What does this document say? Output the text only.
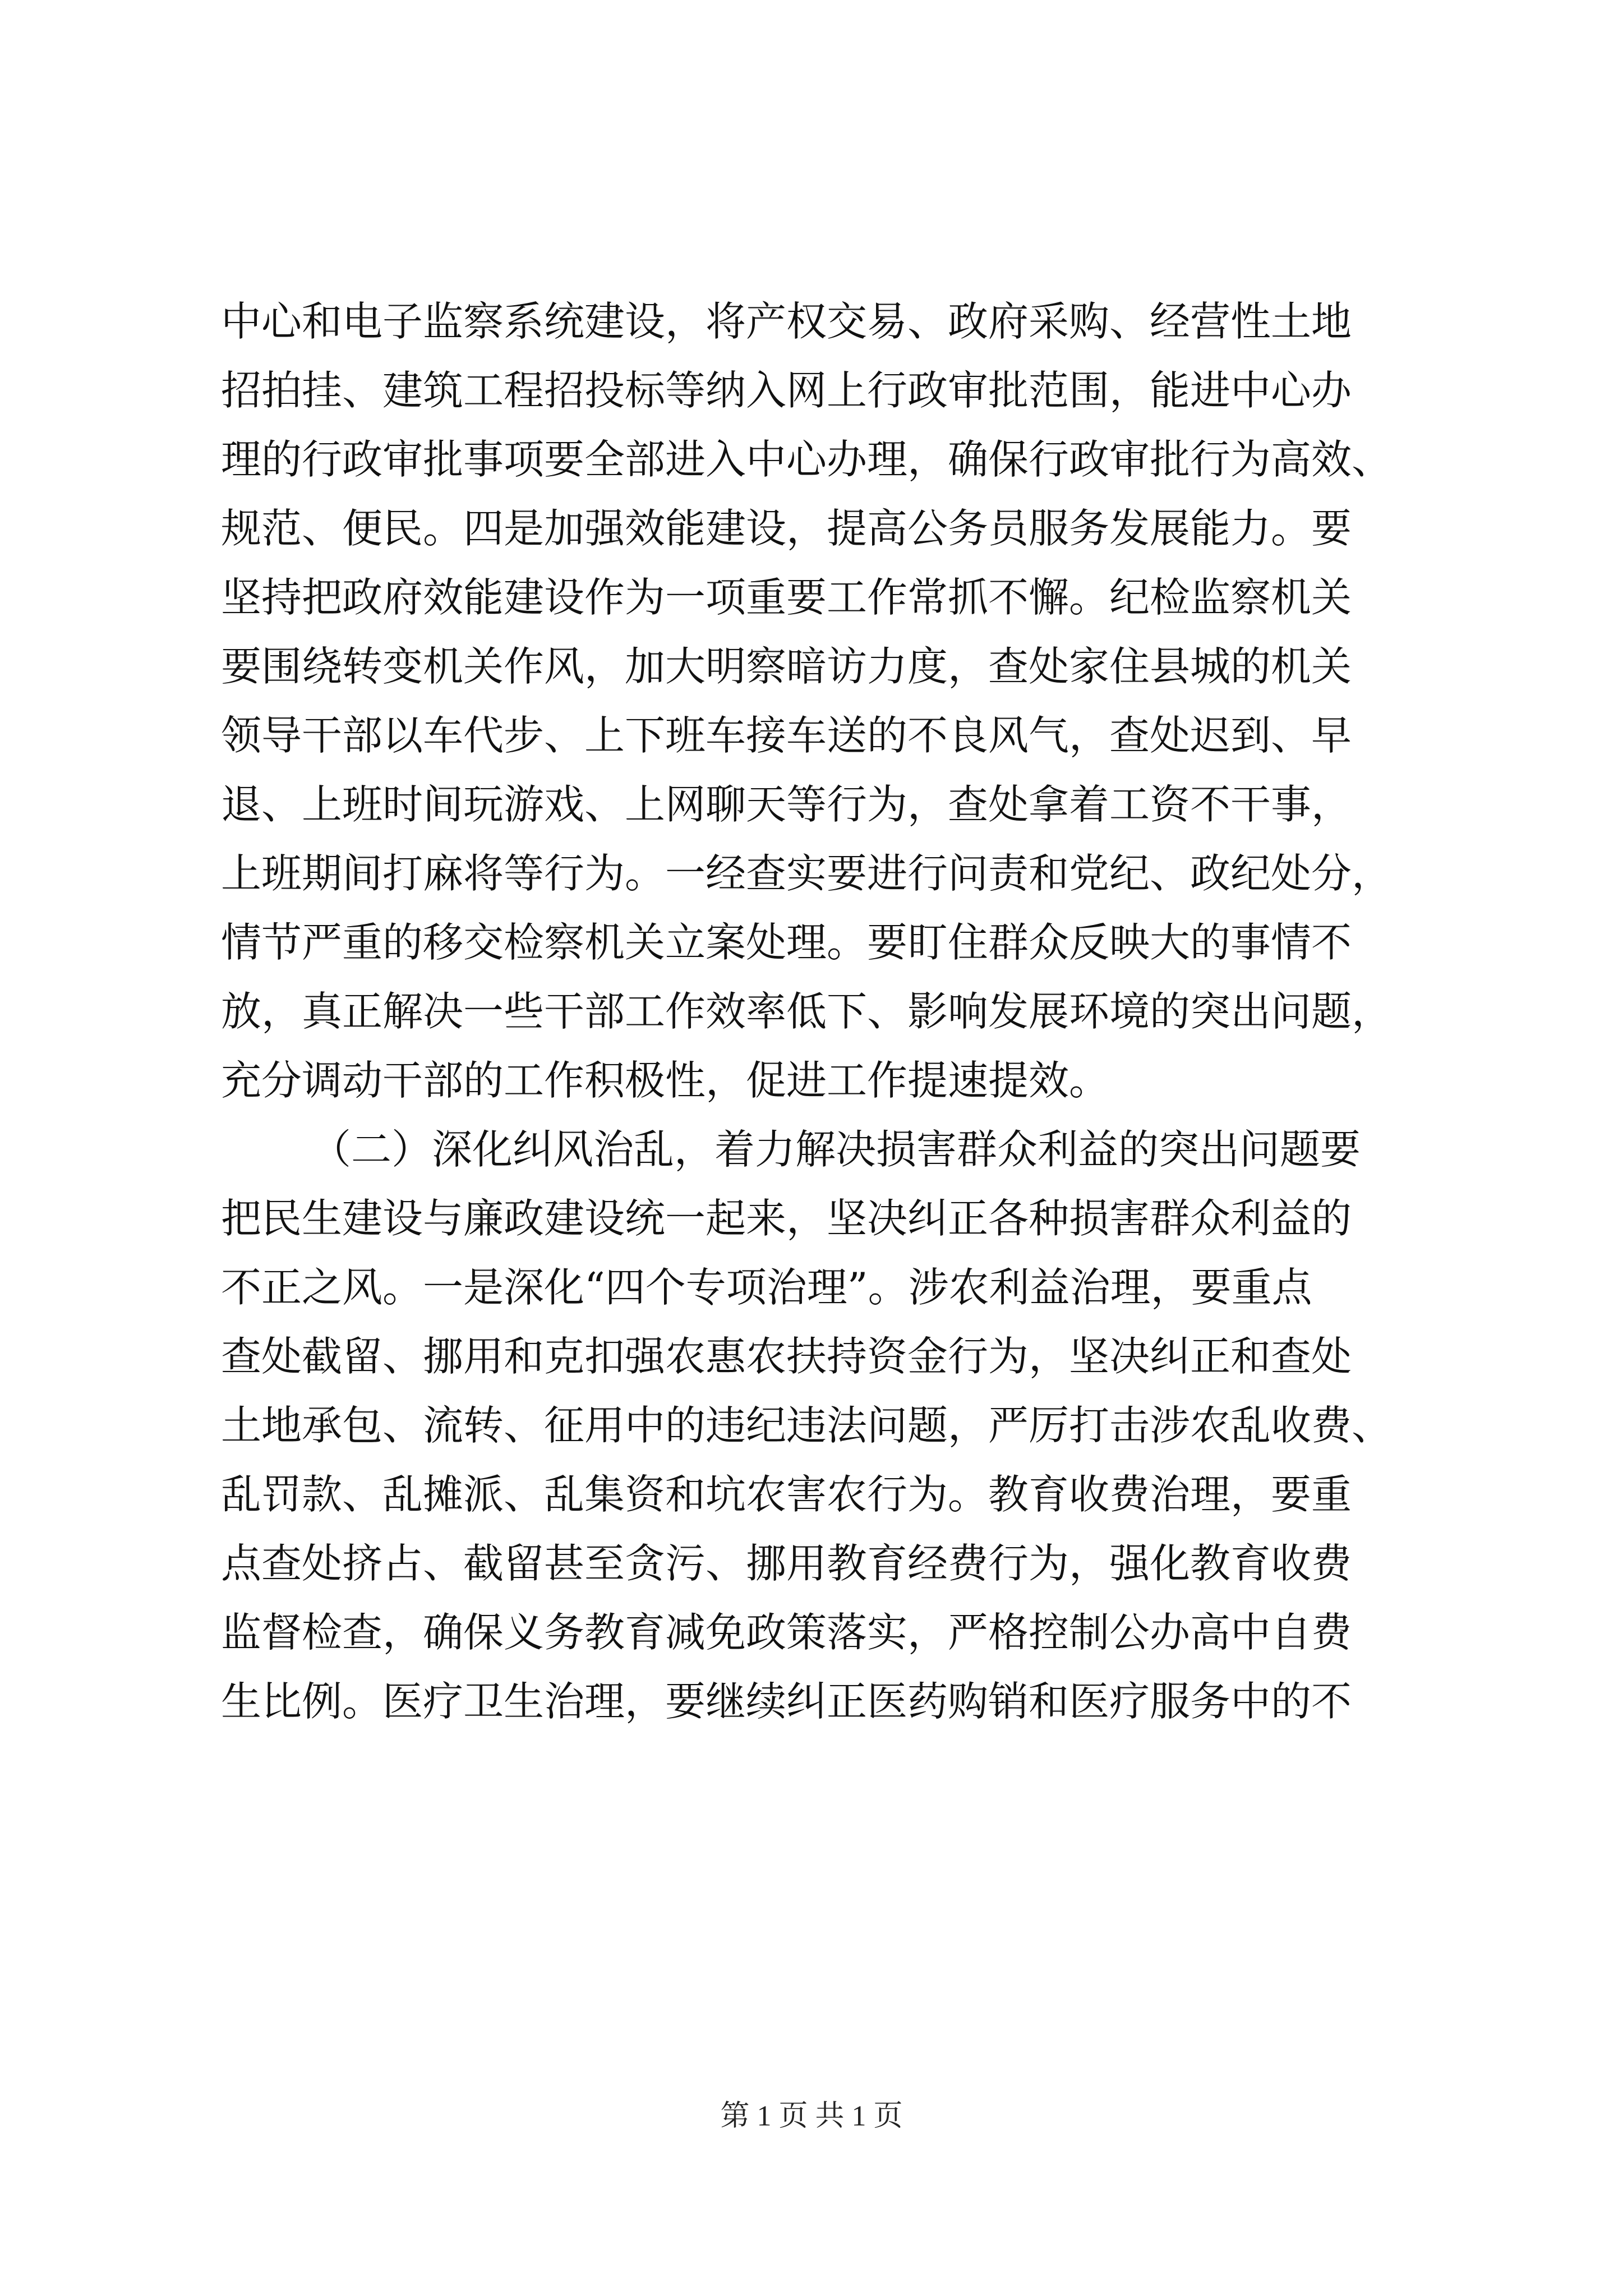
中心和电子监察系统建设，将产权交易、政府采购、经营性土地
招拍挂、建筑工程招投标等纳入网上行政审批范围，能进中心办
理的行政审批事项要全部进入中心办理，确保行政审批行为高效、
规范、便民。四是加强效能建设，提高公务员服务发展能力。要
坚持把政府效能建设作为一项重要工作常抓不懈。纪检监察机关
要围绕转变机关作风，加大明察暗访力度，查处家住县城的机关
领导干部以车代步、上下班车接车送的不良风气，查处迟到、早
退、上班时间玩游戏、上网聊天等行为，查处拿着工资不干事，
上班期间打麻将等行为。一经查实要进行问责和党纪、政纪处分，
情节严重的移交检察机关立案处理。要盯住群众反映大的事情不
放，真正解决一些干部工作效率低下、影响发展环境的突出问题，
充分调动干部的工作积极性，促进工作提速提效。
（二）深化纠风治乱，着力解决损害群众利益的突出问题要
把民生建设与廉政建设统一起来，坚决纠正各种损害群众利益的
不正之风。一是深化“四个专项治理”。涉农利益治理，要重点
查处截留、挪用和克扣强农惠农扶持资金行为，坚决纠正和查处
土地承包、流转、征用中的违纪违法问题，严厉打击涉农乱收费、
乱罚款、乱摊派、乱集资和坑农害农行为。教育收费治理，要重
点查处挤占、截留甚至贪污、挪用教育经费行为，强化教育收费
监督检查，确保义务教育减免政策落实，严格控制公办高中自费
生比例。医疗卫生治理，要继续纠正医药购销和医疗服务中的不
第 1 页 共 1 页
